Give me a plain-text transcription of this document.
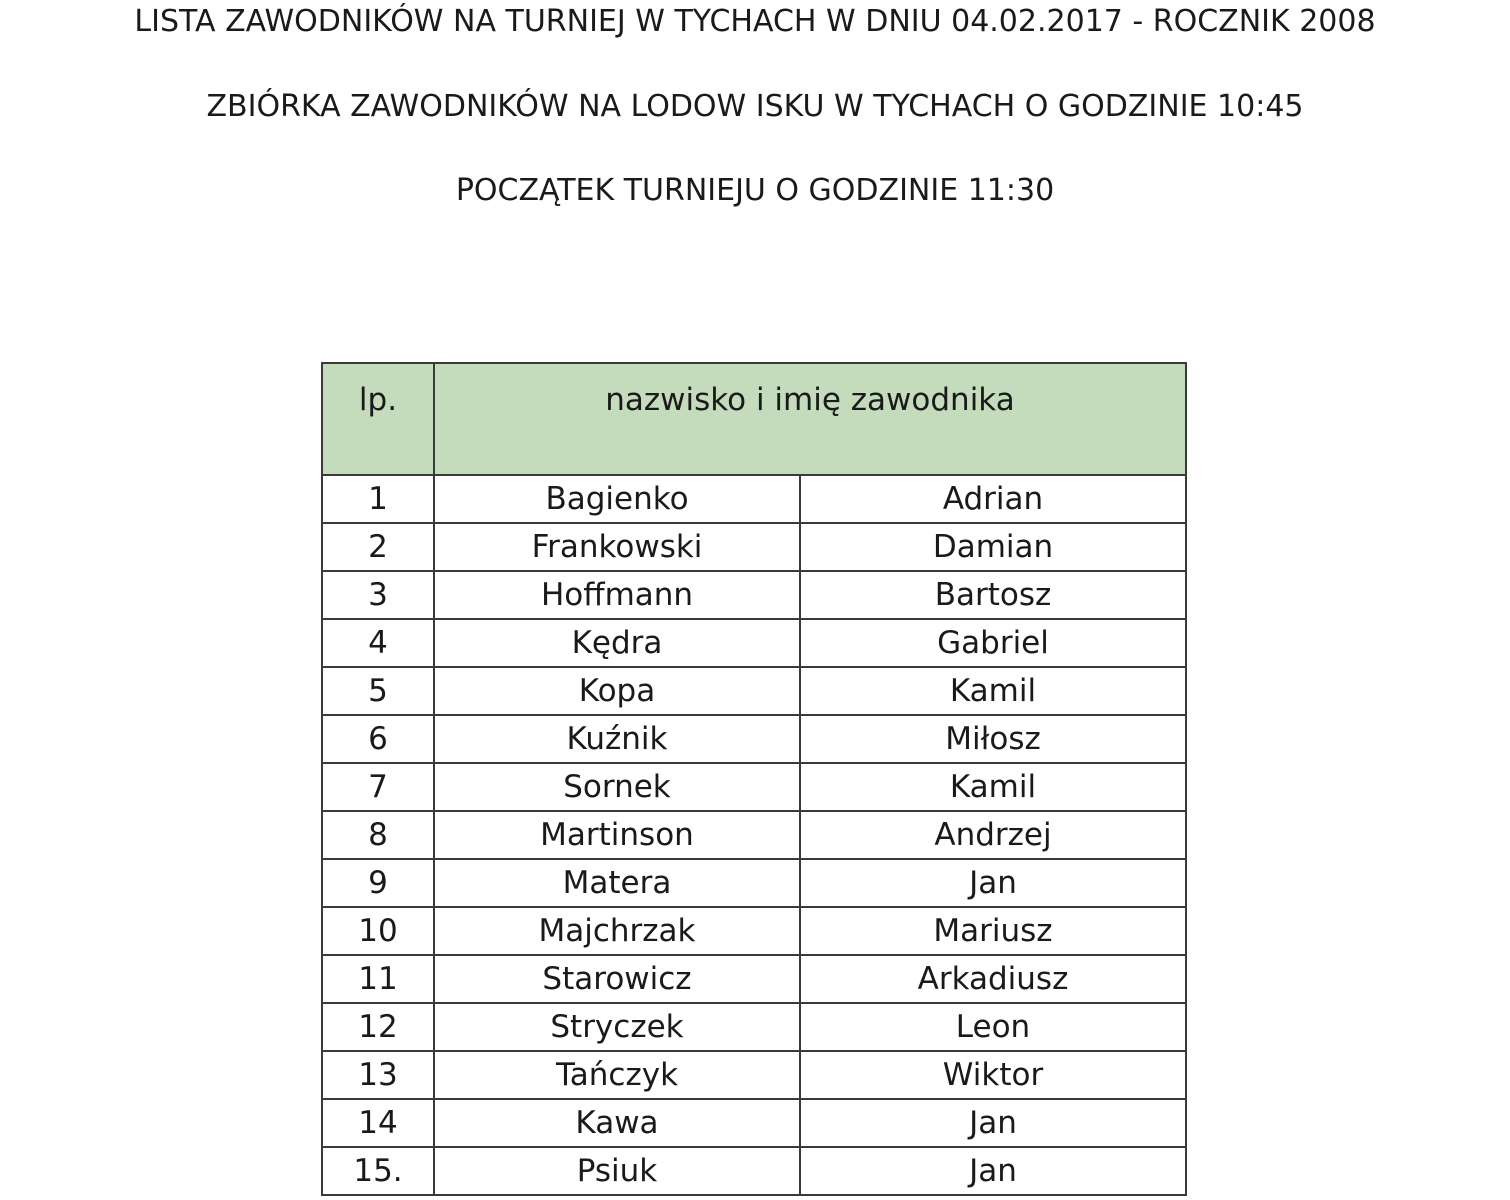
LISTA ZAWODNIKÓW NA TURNIEJ W TYCHACH W DNIU 04.02.2017 - ROCZNIK 2008
ZBIÓRKA ZAWODNIKÓW NA LODOW ISKU W TYCHACH O GODZINIE 10:45
POCZĄTEK TURNIEJU O GODZINIE 11:30
lp.	nazwisko i imię zawodnika	
1	Bagienko	Adrian
2	Frankowski	Damian
3	Hoffmann	Bartosz
4	Kędra	Gabriel
5	Kopa	Kamil
6	Kuźnik	Miłosz
7	Sornek	Kamil
8	Martinson	Andrzej
9	Matera	Jan
10	Majchrzak	Mariusz
11	Starowicz	Arkadiusz
12	Stryczek	Leon
13	Tańczyk	Wiktor
14	Kawa	Jan
15.	Psiuk	Jan
